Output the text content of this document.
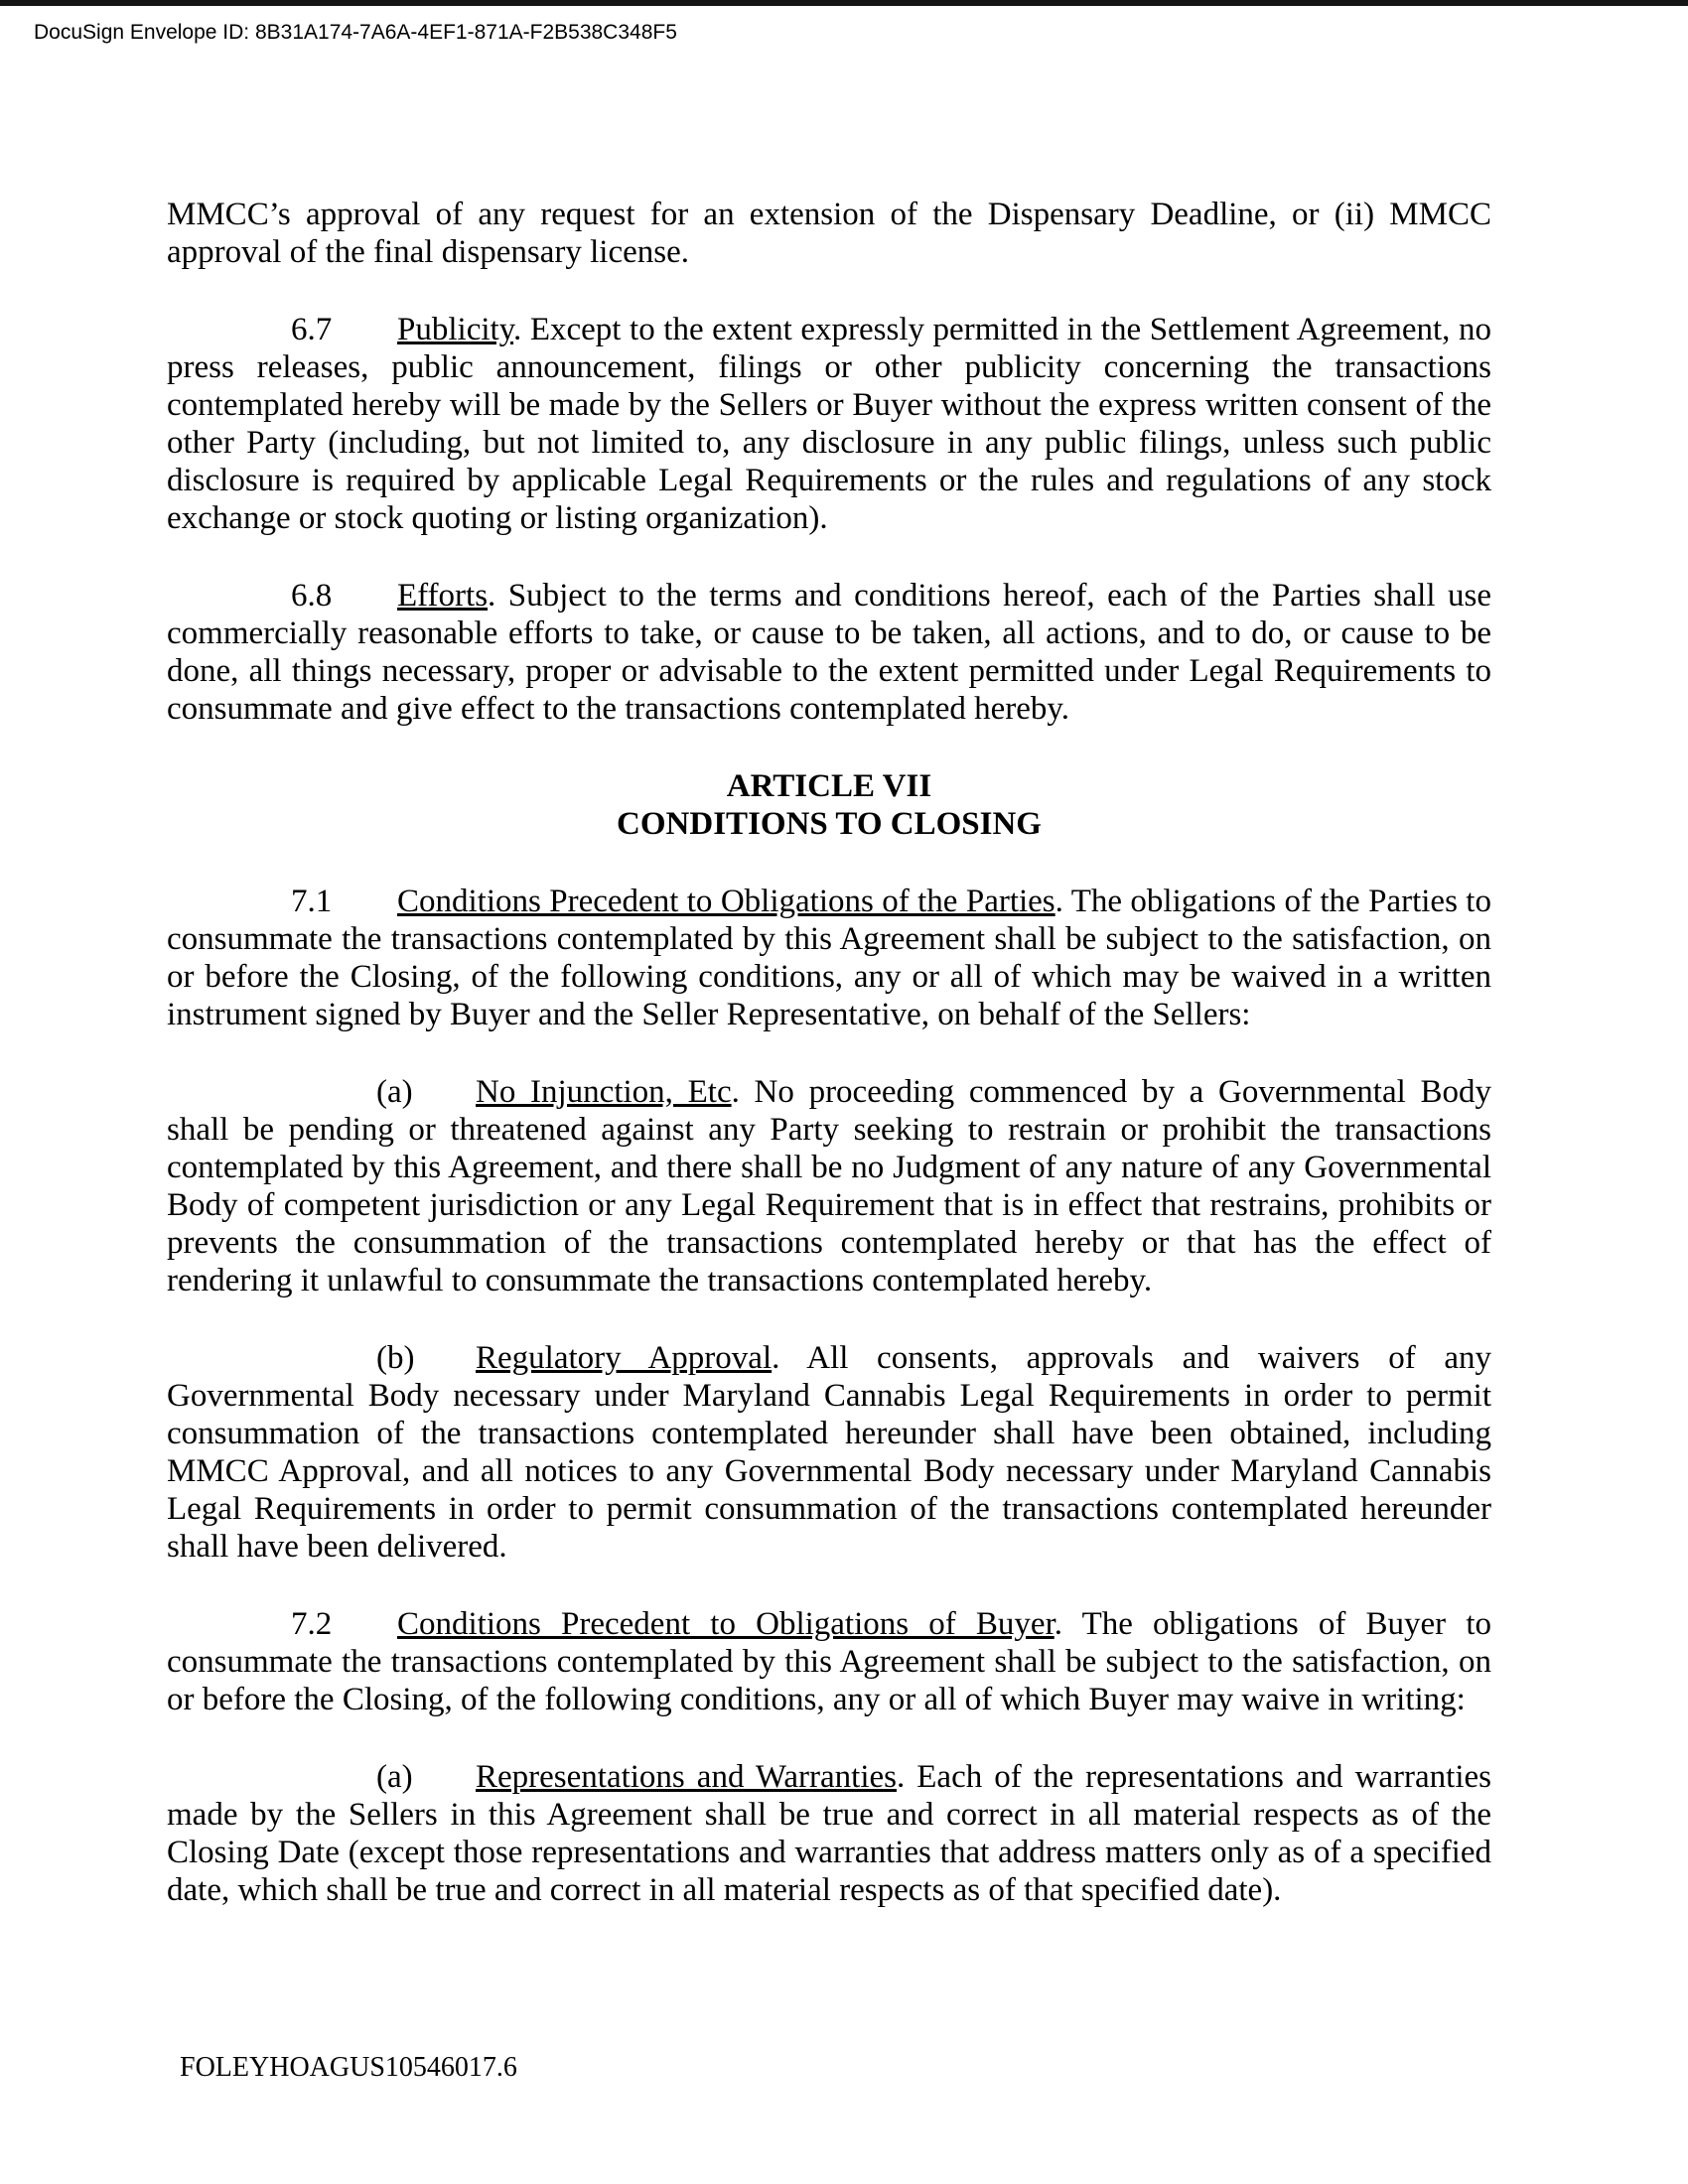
DocuSign Envelope ID: 8B31A174-7A6A-4EF1-871A-F2B538C348F5

MMCC’s approval of any request for an extension of the Dispensary Deadline, or (ii) MMCC approval of the final dispensary license.

6.7 Publicity. Except to the extent expressly permitted in the Settlement Agreement, no press releases, public announcement, filings or other publicity concerning the transactions contemplated hereby will be made by the Sellers or Buyer without the express written consent of the other Party (including, but not limited to, any disclosure in any public filings, unless such public disclosure is required by applicable Legal Requirements or the rules and regulations of any stock exchange or stock quoting or listing organization).

6.8 Efforts. Subject to the terms and conditions hereof, each of the Parties shall use commercially reasonable efforts to take, or cause to be taken, all actions, and to do, or cause to be done, all things necessary, proper or advisable to the extent permitted under Legal Requirements to consummate and give effect to the transactions contemplated hereby.

ARTICLE VII
CONDITIONS TO CLOSING

7.1 Conditions Precedent to Obligations of the Parties. The obligations of the Parties to consummate the transactions contemplated by this Agreement shall be subject to the satisfaction, on or before the Closing, of the following conditions, any or all of which may be waived in a written instrument signed by Buyer and the Seller Representative, on behalf of the Sellers:

(a) No Injunction, Etc. No proceeding commenced by a Governmental Body shall be pending or threatened against any Party seeking to restrain or prohibit the transactions contemplated by this Agreement, and there shall be no Judgment of any nature of any Governmental Body of competent jurisdiction or any Legal Requirement that is in effect that restrains, prohibits or prevents the consummation of the transactions contemplated hereby or that has the effect of rendering it unlawful to consummate the transactions contemplated hereby.

(b) Regulatory Approval. All consents, approvals and waivers of any Governmental Body necessary under Maryland Cannabis Legal Requirements in order to permit consummation of the transactions contemplated hereunder shall have been obtained, including MMCC Approval, and all notices to any Governmental Body necessary under Maryland Cannabis Legal Requirements in order to permit consummation of the transactions contemplated hereunder shall have been delivered.

7.2 Conditions Precedent to Obligations of Buyer. The obligations of Buyer to consummate the transactions contemplated by this Agreement shall be subject to the satisfaction, on or before the Closing, of the following conditions, any or all of which Buyer may waive in writing:

(a) Representations and Warranties. Each of the representations and warranties made by the Sellers in this Agreement shall be true and correct in all material respects as of the Closing Date (except those representations and warranties that address matters only as of a specified date, which shall be true and correct in all material respects as of that specified date).

FOLEYHOAGUS10546017.6
